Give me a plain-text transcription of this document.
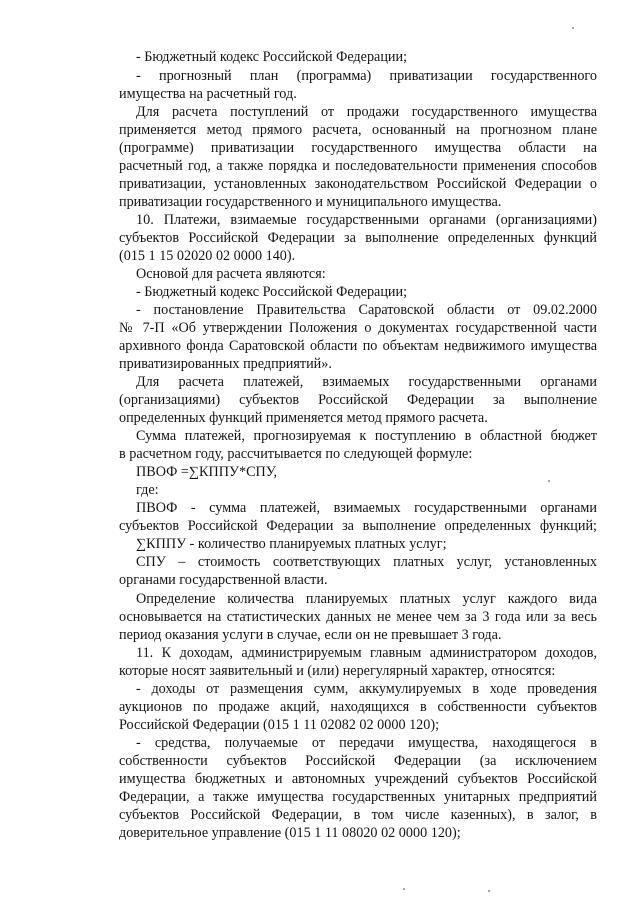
- Бюджетный кодекс Российской Федерации;
- прогнозный план (программа) приватизации государственного
имущества на расчетный год.
Для расчета поступлений от продажи государственного имущества
применяется метод прямого расчета, основанный на прогнозном плане
(программе) приватизации государственного имущества области на
расчетный год, а также порядка и последовательности применения способов
приватизации, установленных законодательством Российской Федерации о
приватизации государственного и муниципального имущества.
10. Платежи, взимаемые государственными органами (организациями)
субъектов Российской Федерации за выполнение определенных функций
(015 1 15 02020 02 0000 140).
Основой для расчета являются:
- Бюджетный кодекс Российской Федерации;
- постановление Правительства Саратовской области от 09.02.2000
№ 7-П «Об утверждении Положения о документах государственной части
архивного фонда Саратовской области по объектам недвижимого имущества
приватизированных предприятий».
Для расчета платежей, взимаемых государственными органами
(организациями) субъектов Российской Федерации за выполнение
определенных функций применяется метод прямого расчета.
Сумма платежей, прогнозируемая к поступлению в областной бюджет
в расчетном году, рассчитывается по следующей формуле:
ПВОФ =∑КППУ*СПУ,
где:
ПВОФ - сумма платежей, взимаемых государственными органами
субъектов Российской Федерации за выполнение определенных функций;
∑КППУ - количество планируемых платных услуг;
СПУ – стоимость соответствующих платных услуг, установленных
органами государственной власти.
Определение количества планируемых платных услуг каждого вида
основывается на статистических данных не менее чем за 3 года или за весь
период оказания услуги в случае, если он не превышает 3 года.
11. К доходам, администрируемым главным администратором доходов,
которые носят заявительный и (или) нерегулярный характер, относятся:
- доходы от размещения сумм, аккумулируемых в ходе проведения
аукционов по продаже акций, находящихся в собственности субъектов
Российской Федерации (015 1 11 02082 02 0000 120);
- средства, получаемые от передачи имущества, находящегося в
собственности субъектов Российской Федерации (за исключением
имущества бюджетных и автономных учреждений субъектов Российской
Федерации, а также имущества государственных унитарных предприятий
субъектов Российской Федерации, в том числе казенных), в залог, в
доверительное управление (015 1 11 08020 02 0000 120);
